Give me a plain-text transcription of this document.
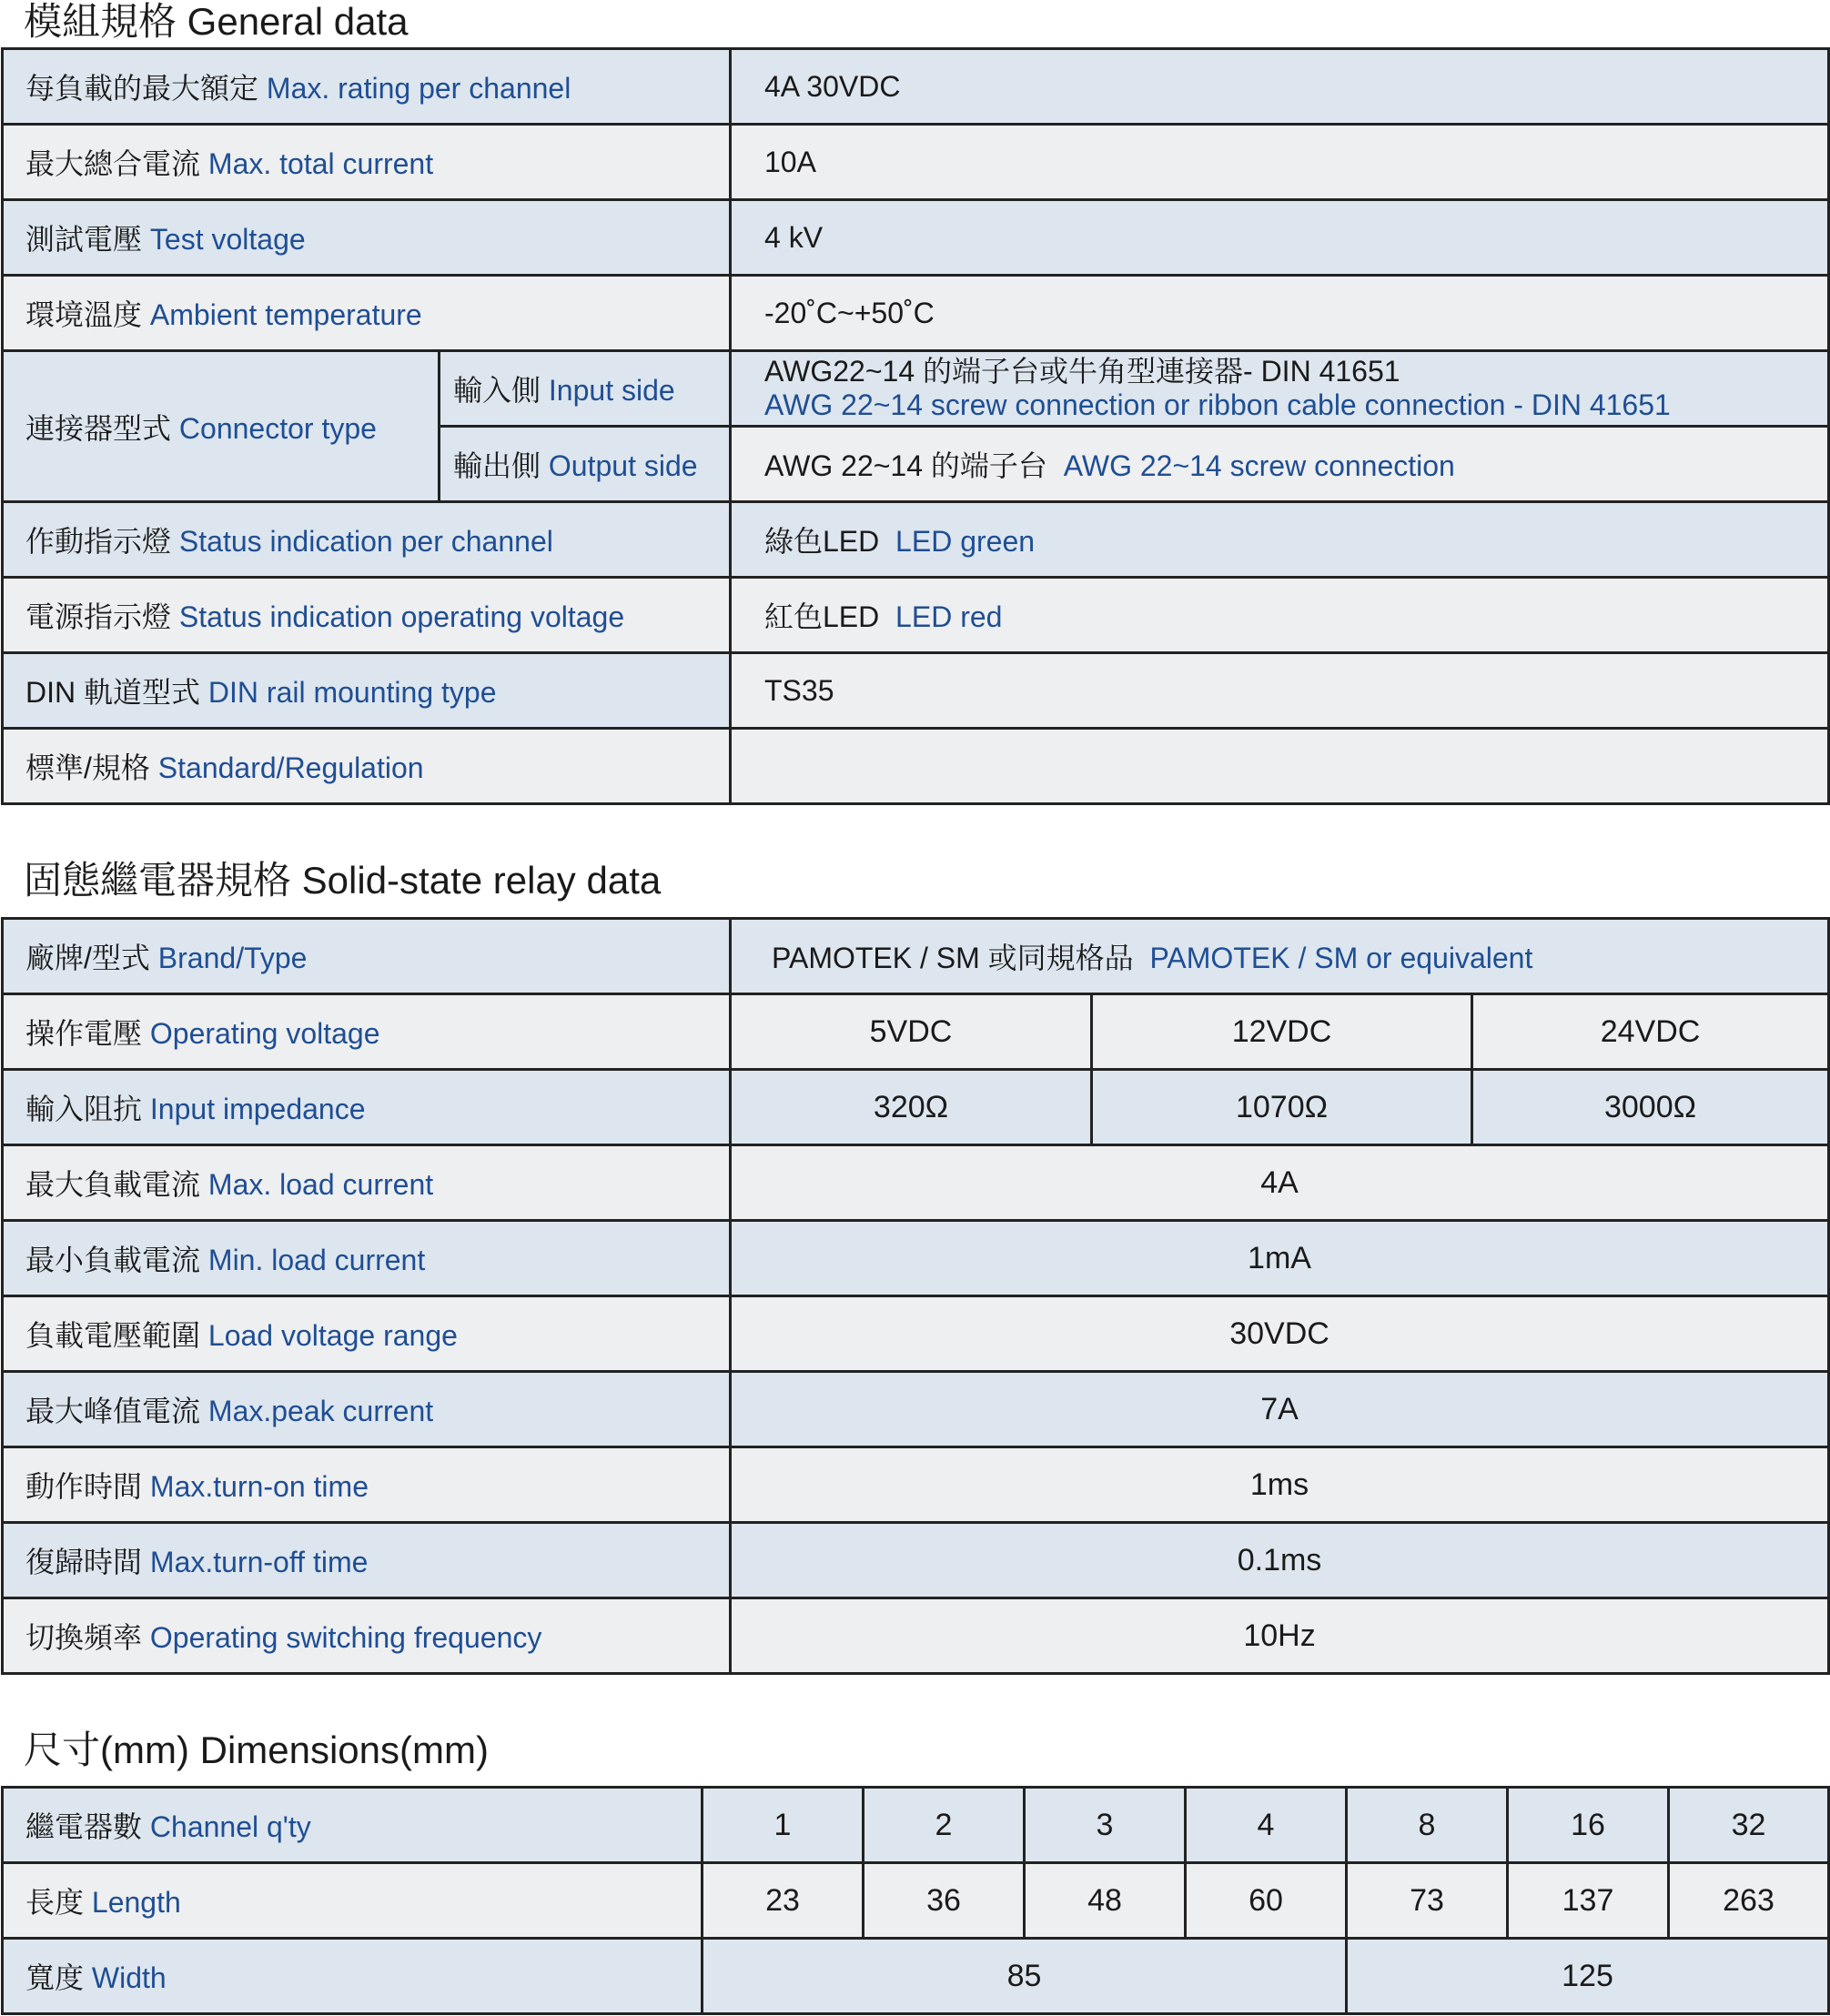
模組規格 General data
每負載的最大額定 Max. rating per channel		4A 30VDC
最大總合電流 Max. total current		10A
測試電壓 Test voltage		4 kV
環境溫度 Ambient temperature		-20˚C~+50˚C
連接器型式 Connector type	輸入側 Input side	AWG22~14 的端子台或牛角型連接器- DIN 41651
AWG 22~14 screw connection or ribbon cable connection - DIN 41651

	輸出側 Output side	AWG 22~14 的端子台 AWG 22~14 screw connection
作動指示燈 Status indication per channel		綠色LED LED green
電源指示燈 Status indication operating voltage		紅色LED LED red
DIN 軌道型式 DIN rail mounting type		TS35
標準/規格 Standard/Regulation		
固態繼電器規格 Solid-state relay data
廠牌/型式 Brand/Type	PAMOTEK / SM 或同規格品 PAMOTEK / SM or equivalent		
操作電壓 Operating voltage	5VDC	12VDC	24VDC
輸入阻抗 Input impedance	320Ω	1070Ω	3000Ω
最大負載電流 Max. load current	4A		
最小負載電流 Min. load current	1mA		
負載電壓範圍 Load voltage range	30VDC		
最大峰值電流 Max.peak current	7A		
動作時間 Max.turn-on time	1ms		
復歸時間 Max.turn-off time	0.1ms		
切換頻率 Operating switching frequency	10Hz		
尺寸(mm) Dimensions(mm)
繼電器數 Channel q'ty	1	2	3	4	8	16	32
長度 Length	23	36	48	60	73	137	263
寬度 Width	85				125		
